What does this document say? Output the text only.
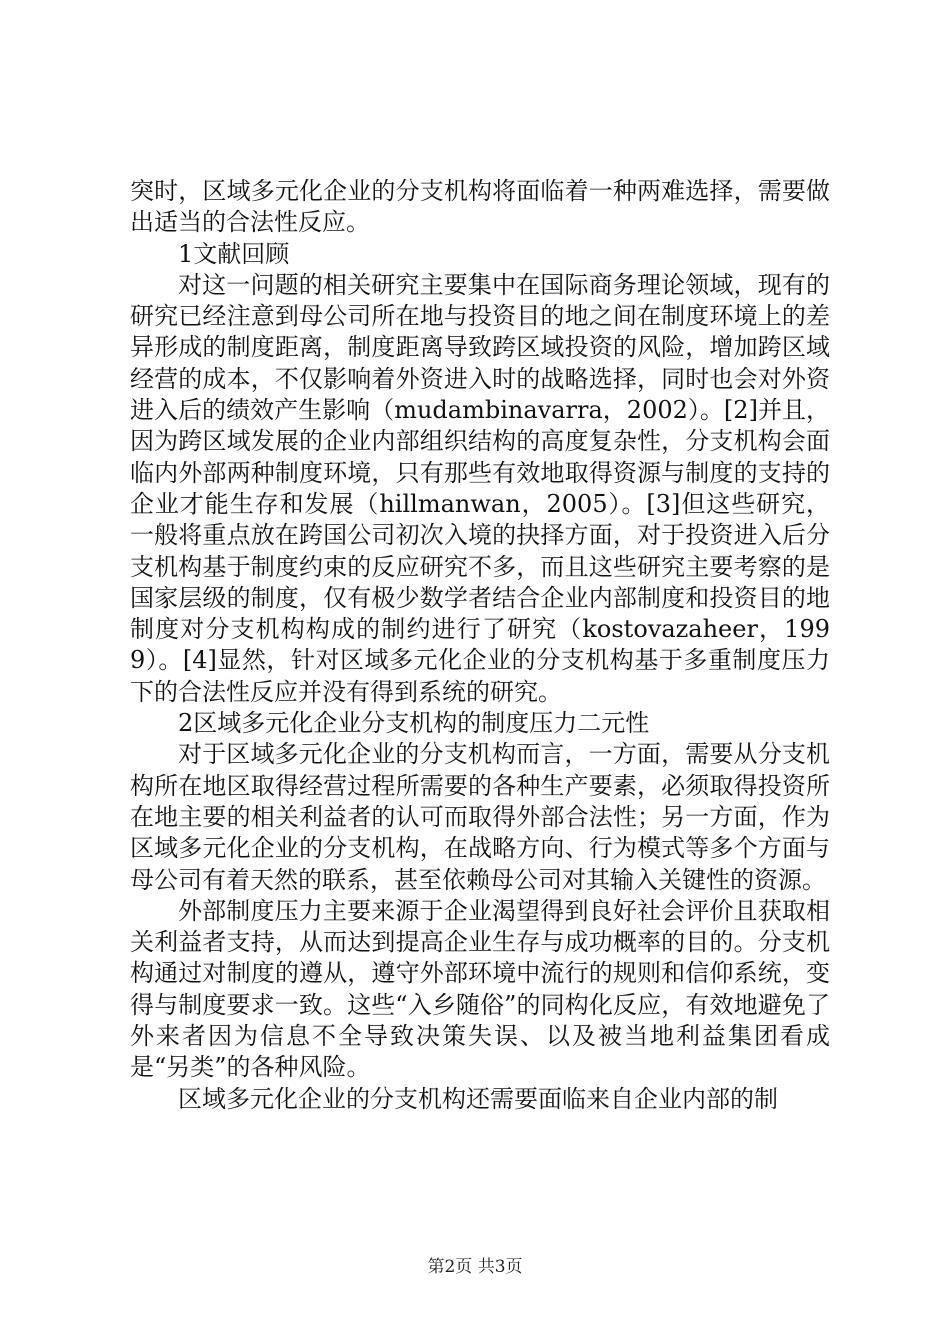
突时，区域多元化企业的分支机构将面临着一种两难选择，需要做出适当的合法性反应。

1文献回顾

对这一问题的相关研究主要集中在国际商务理论领域，现有的研究已经注意到母公司所在地与投资目的地之间在制度环境上的差异形成的制度距离，制度距离导致跨区域投资的风险，增加跨区域经营的成本，不仅影响着外资进入时的战略选择，同时也会对外资进入后的绩效产生影响（mudambinavarra，2002）。[2]并且，因为跨区域发展的企业内部组织结构的高度复杂性，分支机构会面临内外部两种制度环境，只有那些有效地取得资源与制度的支持的企业才能生存和发展（hillmanwan，2005）。[3]但这些研究，一般将重点放在跨国公司初次入境的抉择方面，对于投资进入后分支机构基于制度约束的反应研究不多，而且这些研究主要考察的是国家层级的制度，仅有极少数学者结合企业内部制度和投资目的地制度对分支机构构成的制约进行了研究（kostovazaheer，1999）。[4]显然，针对区域多元化企业的分支机构基于多重制度压力下的合法性反应并没有得到系统的研究。

2区域多元化企业分支机构的制度压力二元性

对于区域多元化企业的分支机构而言，一方面，需要从分支机构所在地区取得经营过程所需要的各种生产要素，必须取得投资所在地主要的相关利益者的认可而取得外部合法性；另一方面，作为区域多元化企业的分支机构，在战略方向、行为模式等多个方面与母公司有着天然的联系，甚至依赖母公司对其输入关键性的资源。

外部制度压力主要来源于企业渴望得到良好社会评价且获取相关利益者支持，从而达到提高企业生存与成功概率的目的。分支机构通过对制度的遵从，遵守外部环境中流行的规则和信仰系统，变得与制度要求一致。这些“入乡随俗”的同构化反应，有效地避免了外来者因为信息不全导致决策失误、以及被当地利益集团看成是“另类”的各种风险。

区域多元化企业的分支机构还需要面临来自企业内部的制

第2页 共3页
